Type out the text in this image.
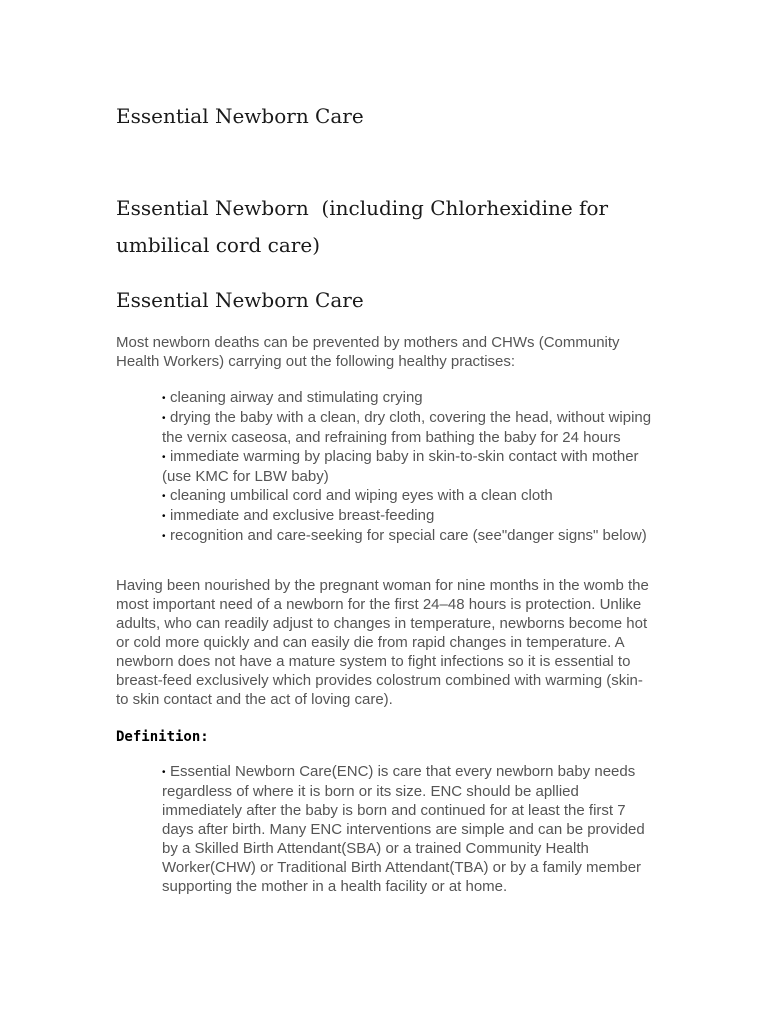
Essential Newborn Care
Essential Newborn  (including Chlorhexidine for  umbilical cord care)
Essential Newborn Care

Most newborn deaths can be prevented by mothers and CHWs (Community Health Workers) carrying out the following healthy practises:

• cleaning airway and stimulating crying
• drying the baby with a clean, dry cloth, covering the head, without wiping the vernix caseosa, and refraining from bathing the baby for 24 hours
• immediate warming by placing baby in skin-to-skin contact with mother (use KMC for LBW baby)
• cleaning umbilical cord and wiping eyes with a clean cloth
• immediate and exclusive breast-feeding
• recognition and care-seeking for special care (see"danger signs" below)

Having been nourished by the pregnant woman for nine months in the womb the most important need of a newborn for the first 24–48 hours is protection. Unlike adults, who can readily adjust to changes in temperature, newborns become hot or cold more quickly and can easily die from rapid changes in temperature. A newborn does not have a mature system to fight infections so it is essential to breast-feed exclusively which provides colostrum combined with warming (skin-to skin contact and the act of loving care).

Definition:
• Essential Newborn Care(ENC) is care that every newborn baby needs regardless of where it is born or its size. ENC should be apllied immediately after the baby is born and continued for at least the first 7 days after birth. Many ENC interventions are simple and can be provided by a Skilled Birth Attendant(SBA) or a trained Community Health Worker(CHW) or Traditional Birth Attendant(TBA) or by a family member supporting the mother in a health facility or at home.
